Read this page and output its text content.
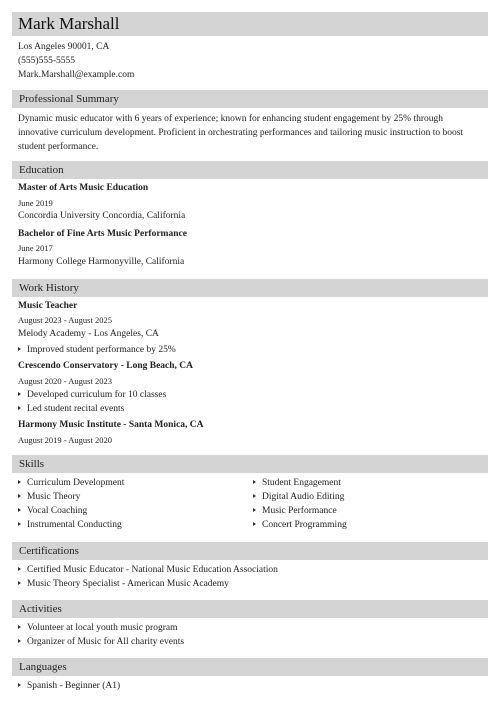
Mark Marshall
Los Angeles 90001, CA
(555)555-5555
Mark.Marshall@example.com
Professional Summary
Dynamic music educator with 6 years of experience; known for enhancing student engagement by 25% through innovative curriculum development. Proficient in orchestrating performances and tailoring music instruction to boost student performance.
Education
Master of Arts Music Education
June 2019
Concordia University Concordia, California
Bachelor of Fine Arts Music Performance
June 2017
Harmony College Harmonyville, California
Work History
Music Teacher
August 2023 - August 2025
Melody Academy - Los Angeles, CA
Improved student performance by 25%
Crescendo Conservatory - Long Beach, CA
August 2020 - August 2023
Developed curriculum for 10 classes
Led student recital events
Harmony Music Institute - Santa Monica, CA
August 2019 - August 2020
Skills
Curriculum Development
Music Theory
Vocal Coaching
Instrumental Conducting
Student Engagement
Digital Audio Editing
Music Performance
Concert Programming
Certifications
Certified Music Educator - National Music Education Association
Music Theory Specialist - American Music Academy
Activities
Volunteer at local youth music program
Organizer of Music for All charity events
Languages
Spanish - Beginner (A1)
